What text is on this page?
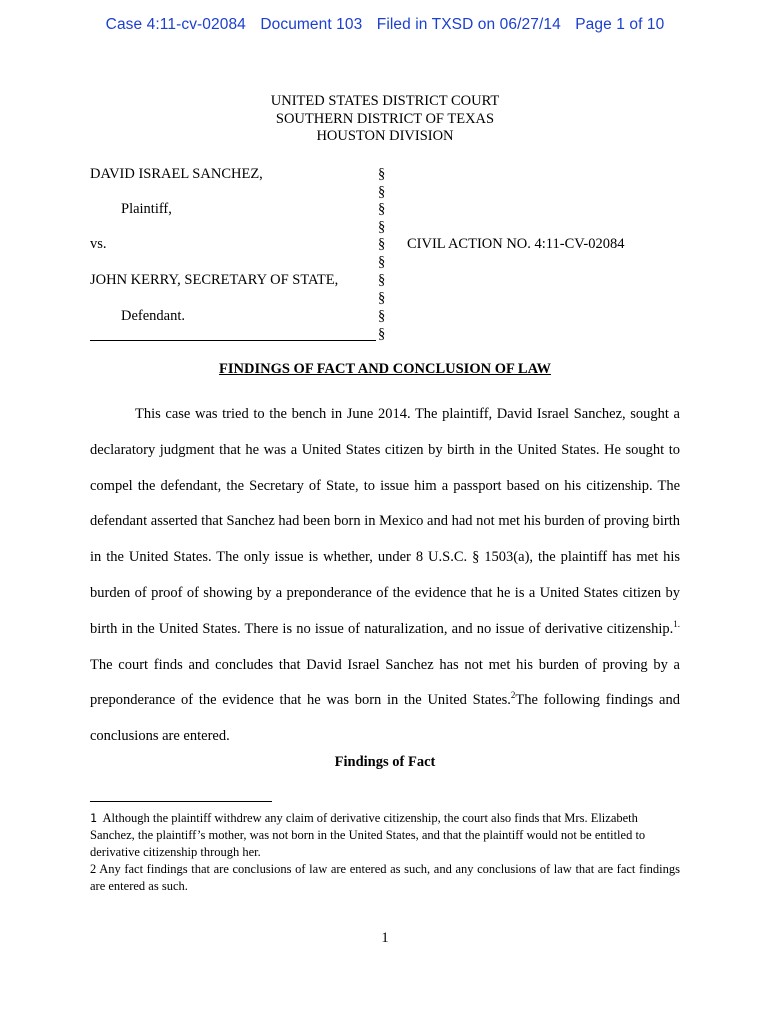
Case 4:11-cv-02084 Document 103 Filed in TXSD on 06/27/14 Page 1 of 10
UNITED STATES DISTRICT COURT
SOUTHERN DISTRICT OF TEXAS
HOUSTON DIVISION
DAVID ISRAEL SANCHEZ,
Plaintiff,
vs.
JOHN KERRY, SECRETARY OF STATE,
Defendant.
§
§
§
§
§
§
§
§
§
§
CIVIL ACTION NO. 4:11-CV-02084
FINDINGS OF FACT AND CONCLUSION OF LAW

This case was tried to the bench in June 2014. The plaintiff, David Israel Sanchez, sought a declaratory judgment that he was a United States citizen by birth in the United States. He sought to compel the defendant, the Secretary of State, to issue him a passport based on his citizenship. The defendant asserted that Sanchez had been born in Mexico and had not met his burden of proving birth in the United States. The only issue is whether, under 8 U.S.C. § 1503(a), the plaintiff has met his burden of proof of showing by a preponderance of the evidence that he is a United States citizen by birth in the United States. There is no issue of naturalization, and no issue of derivative citizenship.$^{1.}$ The court finds and concludes that David Israel Sanchez has not met his burden of proving by a preponderance of the evidence that he was born in the United States.$^2$The following findings and conclusions are entered.

Findings of Fact

1 Although the plaintiff withdrew any claim of derivative citizenship, the court also finds that Mrs. Elizabeth Sanchez, the plaintiff’s mother, was not born in the United States, and that the plaintiff would not be entitled to derivative citizenship through her.

2 Any fact findings that are conclusions of law are entered as such, and any conclusions of law that are fact findings are entered as such.

1
